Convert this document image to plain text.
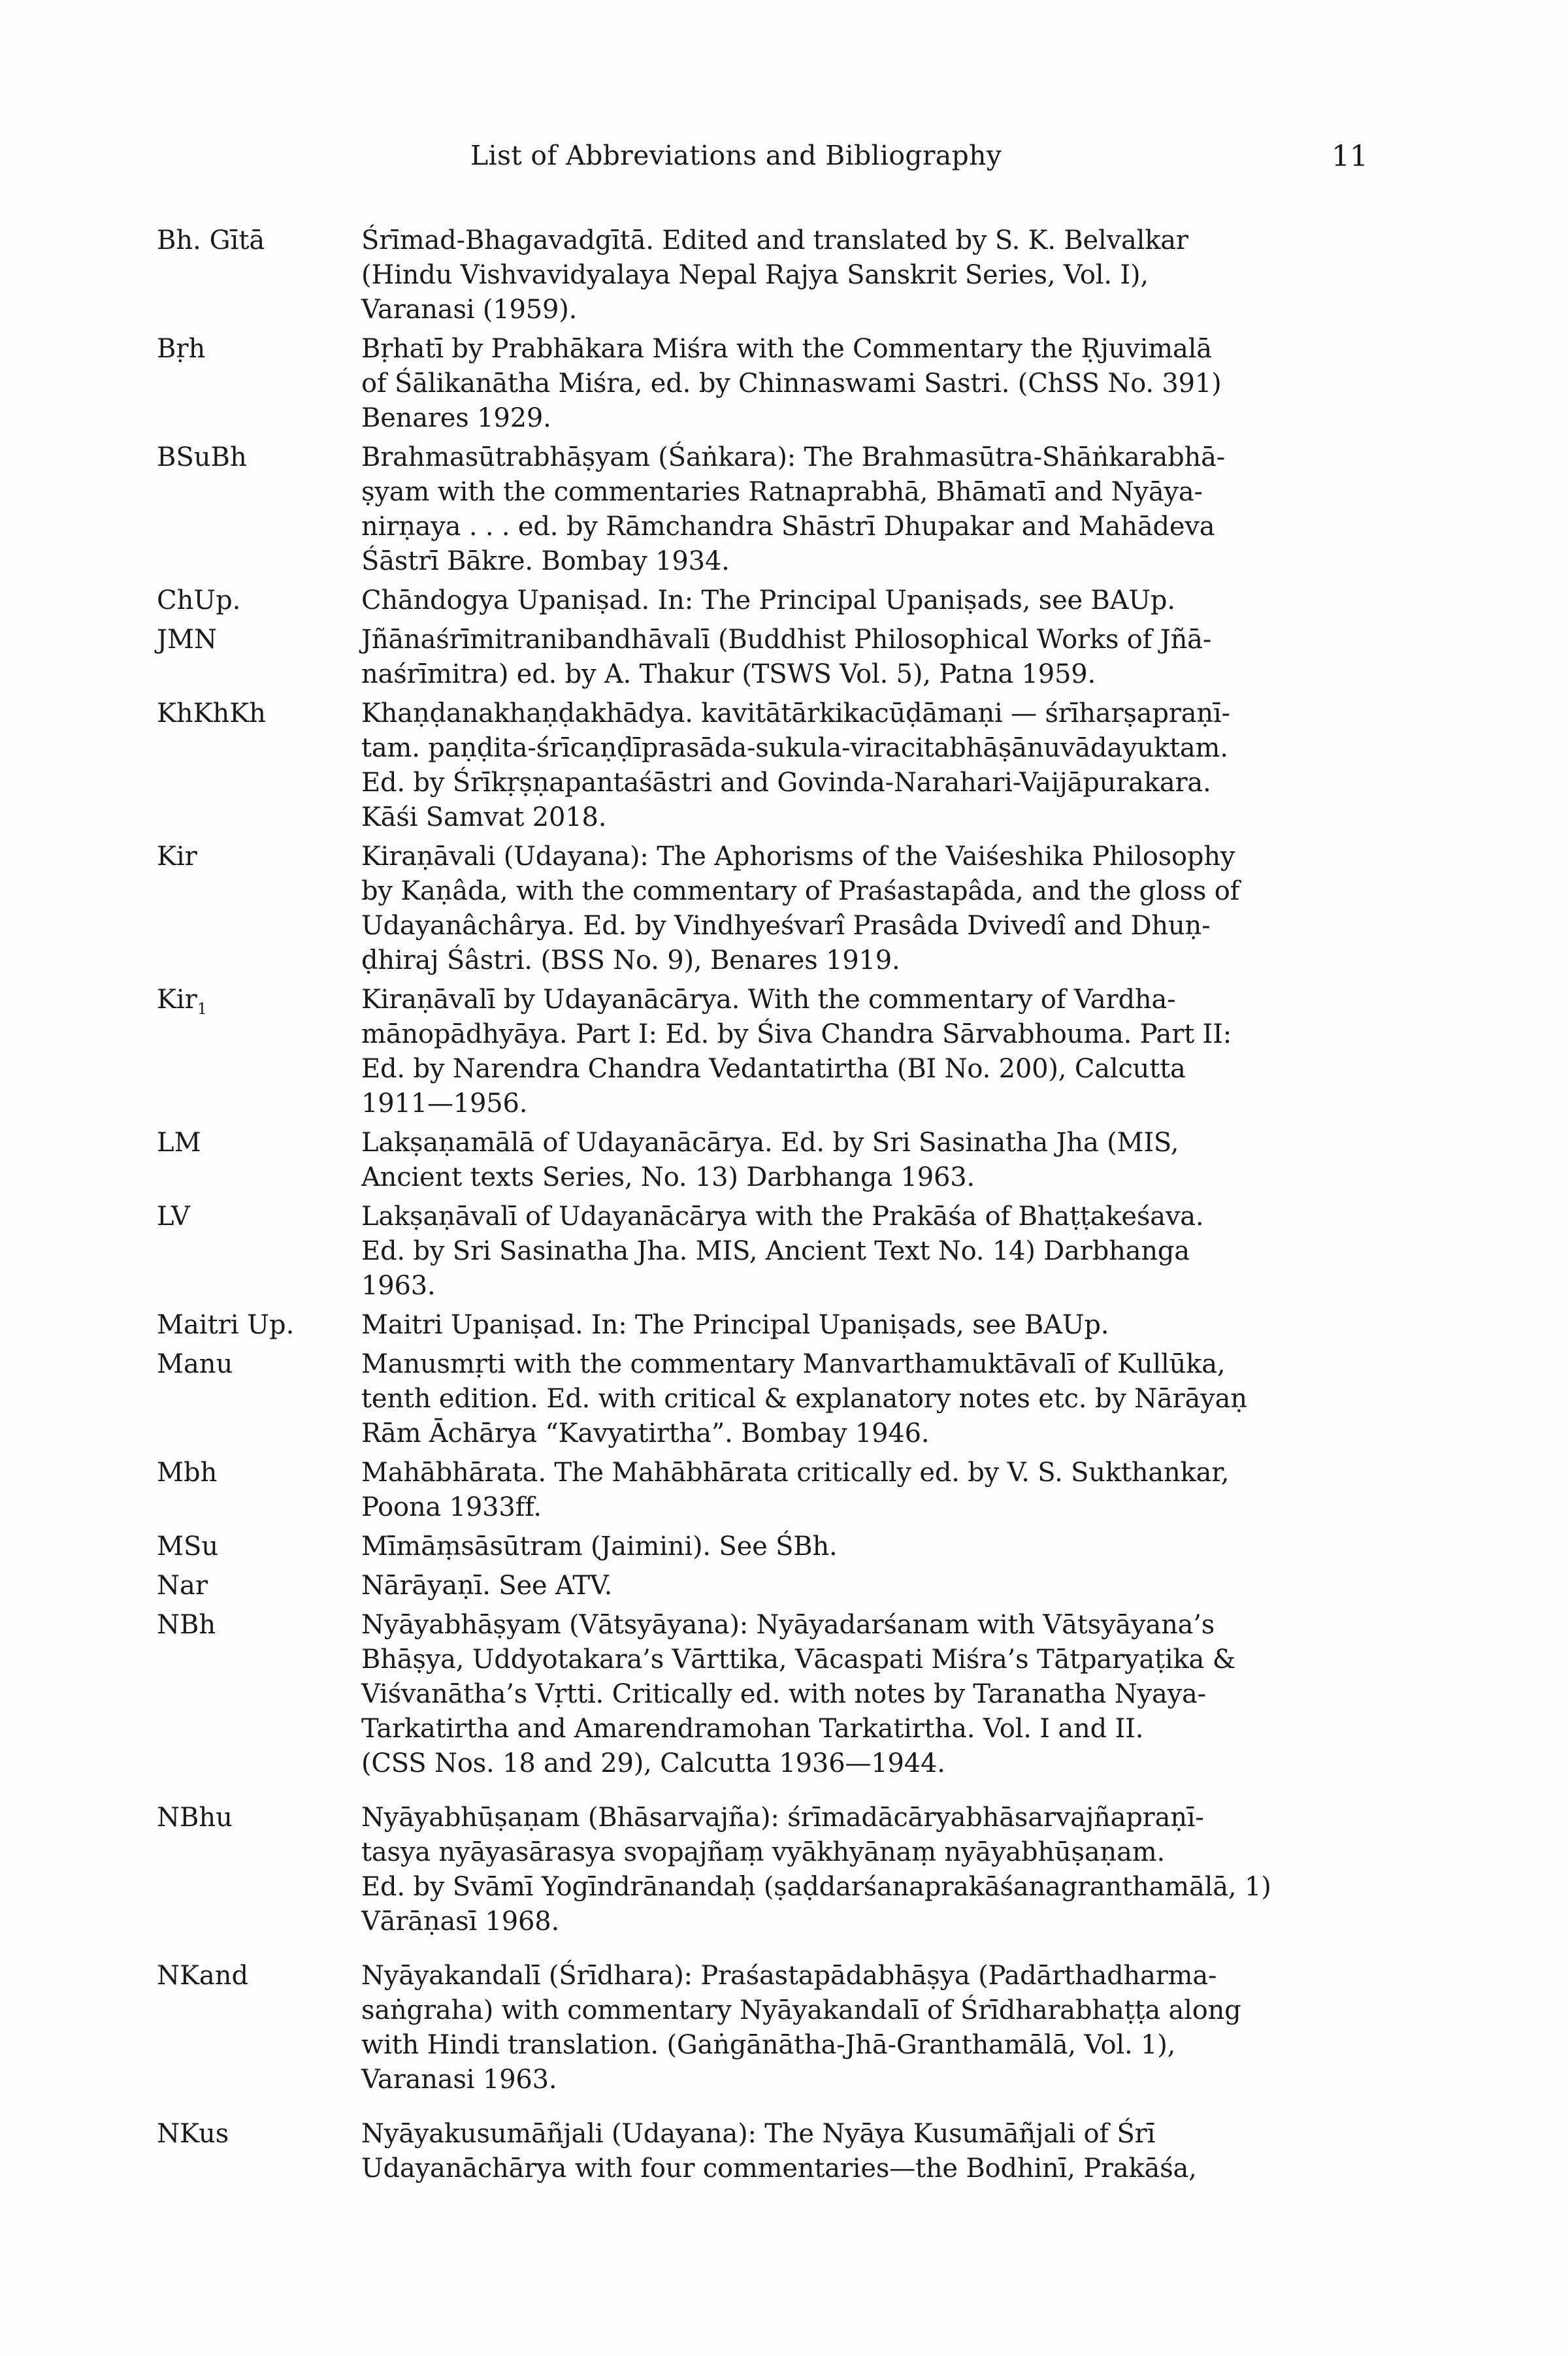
List of Abbreviations and Bibliography	11
Bh. Gītā	Śrīmad-Bhagavadgītā. Edited and translated by S. K. Belvalkar
(Hindu Vishvavidyalaya Nepal Rajya Sanskrit Series, Vol. I),
Varanasi (1959).
Bṛh	Bṛhatī by Prabhākara Miśra with the Commentary the Ṛjuvimalā
of Śālikanātha Miśra, ed. by Chinnaswami Sastri. (ChSS No. 391)
Benares 1929.
BSuBh	Brahmasūtrabhāṣyam (Śaṅkara): The Brahmasūtra-Shāṅkarabhā-
ṣyam with the commentaries Ratnaprabhā, Bhāmatī and Nyāya-
nirṇaya . . . ed. by Rāmchandra Shāstrī Dhupakar and Mahādeva
Śāstrī Bākre. Bombay 1934.
ChUp.	Chāndogya Upaniṣad. In: The Principal Upaniṣads, see BAUp.
JMN	Jñānaśrīmitranibandhāvalī (Buddhist Philosophical Works of Jñā-
naśrīmitra) ed. by A. Thakur (TSWS Vol. 5), Patna 1959.
KhKhKh	Khaṇḍanakhaṇḍakhādya. kavitātārkikacūḍāmaṇi — śrīharṣapraṇī-
tam. paṇḍita-śrīcaṇḍīprasāda-sukula-viracitabhāṣānuvādayuktam.
Ed. by Śrīkṛṣṇapantaśāstri and Govinda-Narahari-Vaijāpurakara.
Kāśi Samvat 2018.
Kir	Kiraṇāvali (Udayana): The Aphorisms of the Vaiśeshika Philosophy
by Kaṇâda, with the commentary of Praśastapâda, and the gloss of
Udayanâchârya. Ed. by Vindhyeśvarî Prasâda Dvivedî and Dhuṇ-
ḍhiraj Śâstri. (BSS No. 9), Benares 1919.
Kir$_1$	Kiraṇāvalī by Udayanācārya. With the commentary of Vardha-
mānopādhyāya. Part I: Ed. by Śiva Chandra Sārvabhouma. Part II:
Ed. by Narendra Chandra Vedantatirtha (BI No. 200), Calcutta
1911—1956.
LM	Lakṣaṇamālā of Udayanācārya. Ed. by Sri Sasinatha Jha (MIS,
Ancient texts Series, No. 13) Darbhanga 1963.
LV	Lakṣaṇāvalī of Udayanācārya with the Prakāśa of Bhaṭṭakeśava.
Ed. by Sri Sasinatha Jha. MIS, Ancient Text No. 14) Darbhanga
1963.
Maitri Up.	Maitri Upaniṣad. In: The Principal Upaniṣads, see BAUp.
Manu	Manusmṛti with the commentary Manvarthamuktāvalī of Kullūka,
tenth edition. Ed. with critical & explanatory notes etc. by Nārāyaṇ
Rām Āchārya “Kavyatirtha”. Bombay 1946.
Mbh	Mahābhārata. The Mahābhārata critically ed. by V. S. Sukthankar,
Poona 1933ff.
MSu	Mīmāṃsāsūtram (Jaimini). See ŚBh.
Nar	Nārāyaṇī. See ATV.
NBh	Nyāyabhāṣyam (Vātsyāyana): Nyāyadarśanam with Vātsyāyana’s
Bhāṣya, Uddyotakara’s Vārttika, Vācaspati Miśra’s Tātparyaṭika &
Viśvanātha’s Vṛtti. Critically ed. with notes by Taranatha Nyaya-
Tarkatirtha and Amarendramohan Tarkatirtha. Vol. I and II.
(CSS Nos. 18 and 29), Calcutta 1936—1944.
NBhu	Nyāyabhūṣaṇam (Bhāsarvajña): śrīmadācāryabhāsarvajñapraṇī-
tasya nyāyasārasya svopajñaṃ vyākhyānaṃ nyāyabhūṣaṇam.
Ed. by Svāmī Yogīndrānandaḥ (ṣaḍdarśanaprakāśanagranthamālā, 1)
Vārāṇasī 1968.
NKand	Nyāyakandalī (Śrīdhara): Praśastapādabhāṣya (Padārthadharma-
saṅgraha) with commentary Nyāyakandalī of Śrīdharabhaṭṭa along
with Hindi translation. (Gaṅgānātha-Jhā-Granthamālā, Vol. 1),
Varanasi 1963.
NKus	Nyāyakusumāñjali (Udayana): The Nyāya Kusumāñjali of Śrī
Udayanāchārya with four commentaries—the Bodhinī, Prakāśa,
